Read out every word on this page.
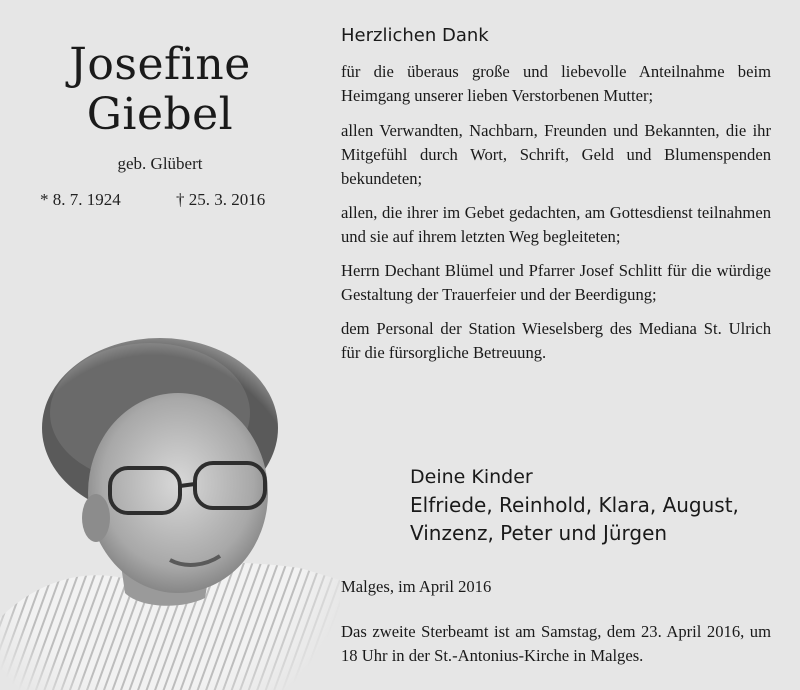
Josefine
Giebel
geb. Glübert
* 8. 7. 1924	† 25. 3. 2016
Herzlichen Dank

für die überaus große und liebevolle Anteilnahme beim Heimgang unserer lieben Verstorbenen Mutter;

allen Verwandten, Nachbarn, Freunden und Bekannten, die ihr Mitgefühl durch Wort, Schrift, Geld und Blumenspenden bekundeten;

allen, die ihrer im Gebet gedachten, am Gottesdienst teilnahmen und sie auf ihrem letzten Weg begleiteten;

Herrn Dechant Blümel und Pfarrer Josef Schlitt für die würdige Gestaltung der Trauerfeier und der Beerdigung;

dem Personal der Station Wieselsberg des Mediana St. Ulrich für die fürsorgliche Betreuung.

Deine Kinder
Elfriede, Reinhold, Klara, August,
Vinzenz, Peter und Jürgen
Malges, im April 2016
Das zweite Sterbeamt ist am Samstag, dem 23. April 2016, um 18 Uhr in der St.-Antonius-Kirche in Malges.
